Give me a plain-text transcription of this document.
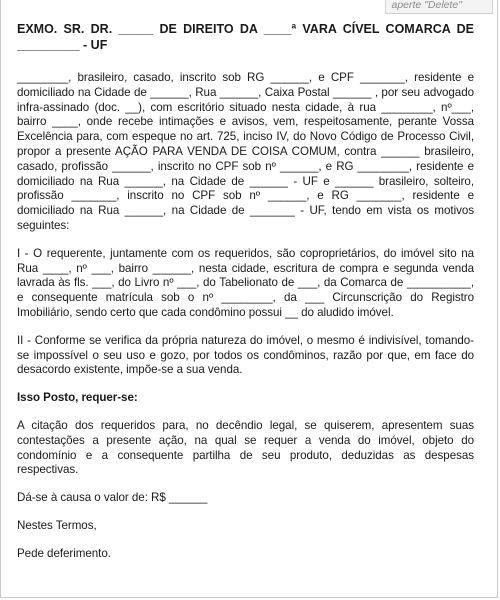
aperte "Delete"

EXMO. SR. DR. _____ DE DIREITO DA ____ª VARA CÍVEL COMARCA DE _________ - UF

________, brasileiro, casado, inscrito sob RG ______, e CPF _______, residente e domiciliado na Cidade de ______, Rua ______, Caixa Postal ______ , por seu advogado infra-assinado (doc. __), com escritório situado nesta cidade, à rua ________, nº___, bairro ____, onde recebe intimações e avisos, vem, respeitosamente, perante Vossa Excelência para, com espeque no art. 725, inciso IV, do Novo Código de Processo Civil, propor a presente AÇÃO PARA VENDA DE COISA COMUM, contra ______ brasileiro, casado, profissão ______, inscrito no CPF sob nº ______, e RG ________, residente e domiciliado na Rua ______, na Cidade de ______ - UF e ______ brasileiro, solteiro, profissão _______, inscrito no CPF sob nº ______, e RG _______, residente e domiciliado na Rua ______, na Cidade de _______ - UF, tendo em vista os motivos seguintes:

I - O requerente, juntamente com os requeridos, são coproprietários, do imóvel sito na Rua ____, nº ___, bairro ______, nesta cidade, escritura de compra e segunda venda lavrada às fls. ___, do Livro nº ___, do Tabelionato de ___, da Comarca de __________, e consequente matrícula sob o nº ________, da ___ Circunscrição do Registro Imobiliário, sendo certo que cada condômino possui __ do aludido imóvel.

II - Conforme se verifica da própria natureza do imóvel, o mesmo é indivisível, tomando-se impossível o seu uso e gozo, por todos os condôminos, razão por que, em face do desacordo existente, impõe-se a sua venda.

Isso Posto, requer-se:

A citação dos requeridos para, no decêndio legal, se quiserem, apresentem suas contestações a presente ação, na qual se requer a venda do imóvel, objeto do condomínio e a consequente partilha de seu produto, deduzidas as despesas respectivas.

Dá-se à causa o valor de: R$ ______

Nestes Termos,

Pede deferimento.
